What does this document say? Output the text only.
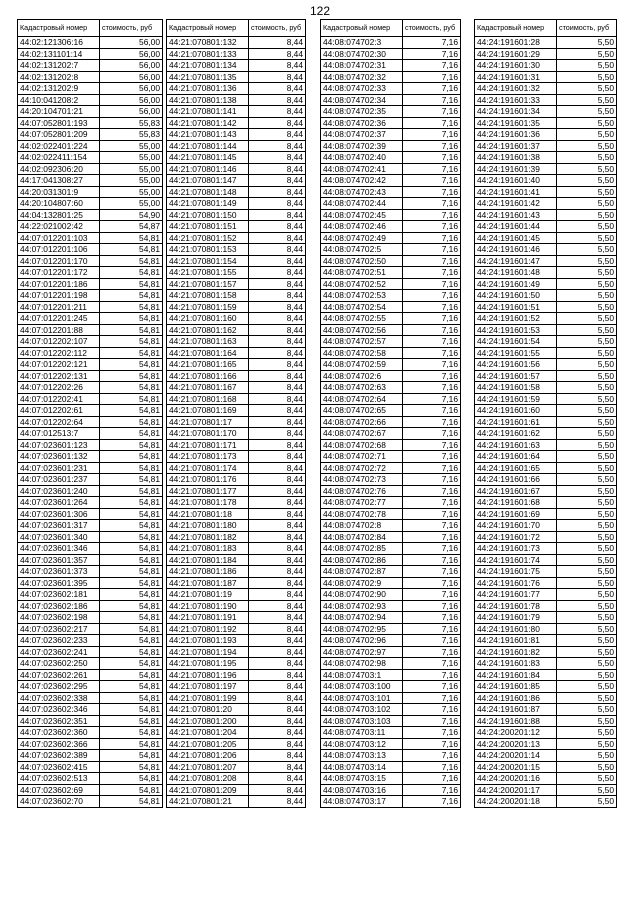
122
Кадастровый номер	стоимость, руб
44:02:121306:16	56,00
44:02:131101:14	56,00
44:02:131202:7	56,00
44:02:131202:8	56,00
44:02:131202:9	56,00
44:10:041208:2	56,00
44:20:104701:21	56,00
44:07:052801:193	55,83
44:07:052801:209	55,83
44:02:022401:224	55,00
44:02:022411:154	55,00
44:02:092306:20	55,00
44:17:041308:27	55,00
44:20:031301:9	55,00
44:20:104807:60	55,00
44:04:132801:25	54,90
44:22:021002:42	54,87
44:07:012201:103	54,81
44:07:012201:106	54,81
44:07:012201:170	54,81
44:07:012201:172	54,81
44:07:012201:186	54,81
44:07:012201:198	54,81
44:07:012201:211	54,81
44:07:012201:245	54,81
44:07:012201:88	54,81
44:07:012202:107	54,81
44:07:012202:112	54,81
44:07:012202:121	54,81
44:07:012202:131	54,81
44:07:012202:26	54,81
44:07:012202:41	54,81
44:07:012202:61	54,81
44:07:012202:64	54,81
44:07:012513:7	54,81
44:07:023601:123	54,81
44:07:023601:132	54,81
44:07:023601:231	54,81
44:07:023601:237	54,81
44:07:023601:240	54,81
44:07:023601:264	54,81
44:07:023601:306	54,81
44:07:023601:317	54,81
44:07:023601:340	54,81
44:07:023601:346	54,81
44:07:023601:357	54,81
44:07:023601:373	54,81
44:07:023601:395	54,81
44:07:023602:181	54,81
44:07:023602:186	54,81
44:07:023602:198	54,81
44:07:023602:217	54,81
44:07:023602:233	54,81
44:07:023602:241	54,81
44:07:023602:250	54,81
44:07:023602:261	54,81
44:07:023602:295	54,81
44:07:023602:338	54,81
44:07:023602:346	54,81
44:07:023602:351	54,81
44:07:023602:360	54,81
44:07:023602:366	54,81
44:07:023602:389	54,81
44:07:023602:415	54,81
44:07:023602:513	54,81
44:07:023602:69	54,81
44:07:023602:70	54,81
Кадастровый номер	стоимость, руб
44:21:070801:132	8,44
44:21:070801:133	8,44
44:21:070801:134	8,44
44:21:070801:135	8,44
44:21:070801:136	8,44
44:21:070801:138	8,44
44:21:070801:141	8,44
44:21:070801:142	8,44
44:21:070801:143	8,44
44:21:070801:144	8,44
44:21:070801:145	8,44
44:21:070801:146	8,44
44:21:070801:147	8,44
44:21:070801:148	8,44
44:21:070801:149	8,44
44:21:070801:150	8,44
44:21:070801:151	8,44
44:21:070801:152	8,44
44:21:070801:153	8,44
44:21:070801:154	8,44
44:21:070801:155	8,44
44:21:070801:157	8,44
44:21:070801:158	8,44
44:21:070801:159	8,44
44:21:070801:160	8,44
44:21:070801:162	8,44
44:21:070801:163	8,44
44:21:070801:164	8,44
44:21:070801:165	8,44
44:21:070801:166	8,44
44:21:070801:167	8,44
44:21:070801:168	8,44
44:21:070801:169	8,44
44:21:070801:17	8,44
44:21:070801:170	8,44
44:21:070801:171	8,44
44:21:070801:173	8,44
44:21:070801:174	8,44
44:21:070801:176	8,44
44:21:070801:177	8,44
44:21:070801:178	8,44
44:21:070801:18	8,44
44:21:070801:180	8,44
44:21:070801:182	8,44
44:21:070801:183	8,44
44:21:070801:184	8,44
44:21:070801:186	8,44
44:21:070801:187	8,44
44:21:070801:19	8,44
44:21:070801:190	8,44
44:21:070801:191	8,44
44:21:070801:192	8,44
44:21:070801:193	8,44
44:21:070801:194	8,44
44:21:070801:195	8,44
44:21:070801:196	8,44
44:21:070801:197	8,44
44:21:070801:199	8,44
44:21:070801:20	8,44
44:21:070801:200	8,44
44:21:070801:204	8,44
44:21:070801:205	8,44
44:21:070801:206	8,44
44:21:070801:207	8,44
44:21:070801:208	8,44
44:21:070801:209	8,44
44:21:070801:21	8,44
Кадастровый номер	стоимость, руб
44:08:074702:3	7,16
44:08:074702:30	7,16
44:08:074702:31	7,16
44:08:074702:32	7,16
44:08:074702:33	7,16
44:08:074702:34	7,16
44:08:074702:35	7,16
44:08:074702:36	7,16
44:08:074702:37	7,16
44:08:074702:39	7,16
44:08:074702:40	7,16
44:08:074702:41	7,16
44:08:074702:42	7,16
44:08:074702:43	7,16
44:08:074702:44	7,16
44:08:074702:45	7,16
44:08:074702:46	7,16
44:08:074702:49	7,16
44:08:074702:5	7,16
44:08:074702:50	7,16
44:08:074702:51	7,16
44:08:074702:52	7,16
44:08:074702:53	7,16
44:08:074702:54	7,16
44:08:074702:55	7,16
44:08:074702:56	7,16
44:08:074702:57	7,16
44:08:074702:58	7,16
44:08:074702:59	7,16
44:08:074702:6	7,16
44:08:074702:63	7,16
44:08:074702:64	7,16
44:08:074702:65	7,16
44:08:074702:66	7,16
44:08:074702:67	7,16
44:08:074702:68	7,16
44:08:074702:71	7,16
44:08:074702:72	7,16
44:08:074702:73	7,16
44:08:074702:76	7,16
44:08:074702:77	7,16
44:08:074702:78	7,16
44:08:074702:8	7,16
44:08:074702:84	7,16
44:08:074702:85	7,16
44:08:074702:86	7,16
44:08:074702:87	7,16
44:08:074702:9	7,16
44:08:074702:90	7,16
44:08:074702:93	7,16
44:08:074702:94	7,16
44:08:074702:95	7,16
44:08:074702:96	7,16
44:08:074702:97	7,16
44:08:074702:98	7,16
44:08:074703:1	7,16
44:08:074703:100	7,16
44:08:074703:101	7,16
44:08:074703:102	7,16
44:08:074703:103	7,16
44:08:074703:11	7,16
44:08:074703:12	7,16
44:08:074703:13	7,16
44:08:074703:14	7,16
44:08:074703:15	7,16
44:08:074703:16	7,16
44:08:074703:17	7,16
Кадастровый номер	стоимость, руб
44:24:191601:28	5,50
44:24:191601:29	5,50
44:24:191601:30	5,50
44:24:191601:31	5,50
44:24:191601:32	5,50
44:24:191601:33	5,50
44:24:191601:34	5,50
44:24:191601:35	5,50
44:24:191601:36	5,50
44:24:191601:37	5,50
44:24:191601:38	5,50
44:24:191601:39	5,50
44:24:191601:40	5,50
44:24:191601:41	5,50
44:24:191601:42	5,50
44:24:191601:43	5,50
44:24:191601:44	5,50
44:24:191601:45	5,50
44:24:191601:46	5,50
44:24:191601:47	5,50
44:24:191601:48	5,50
44:24:191601:49	5,50
44:24:191601:50	5,50
44:24:191601:51	5,50
44:24:191601:52	5,50
44:24:191601:53	5,50
44:24:191601:54	5,50
44:24:191601:55	5,50
44:24:191601:56	5,50
44:24:191601:57	5,50
44:24:191601:58	5,50
44:24:191601:59	5,50
44:24:191601:60	5,50
44:24:191601:61	5,50
44:24:191601:62	5,50
44:24:191601:63	5,50
44:24:191601:64	5,50
44:24:191601:65	5,50
44:24:191601:66	5,50
44:24:191601:67	5,50
44:24:191601:68	5,50
44:24:191601:69	5,50
44:24:191601:70	5,50
44:24:191601:72	5,50
44:24:191601:73	5,50
44:24:191601:74	5,50
44:24:191601:75	5,50
44:24:191601:76	5,50
44:24:191601:77	5,50
44:24:191601:78	5,50
44:24:191601:79	5,50
44:24:191601:80	5,50
44:24:191601:81	5,50
44:24:191601:82	5,50
44:24:191601:83	5,50
44:24:191601:84	5,50
44:24:191601:85	5,50
44:24:191601:86	5,50
44:24:191601:87	5,50
44:24:191601:88	5,50
44:24:200201:12	5,50
44:24:200201:13	5,50
44:24:200201:14	5,50
44:24:200201:15	5,50
44:24:200201:16	5,50
44:24:200201:17	5,50
44:24:200201:18	5,50
